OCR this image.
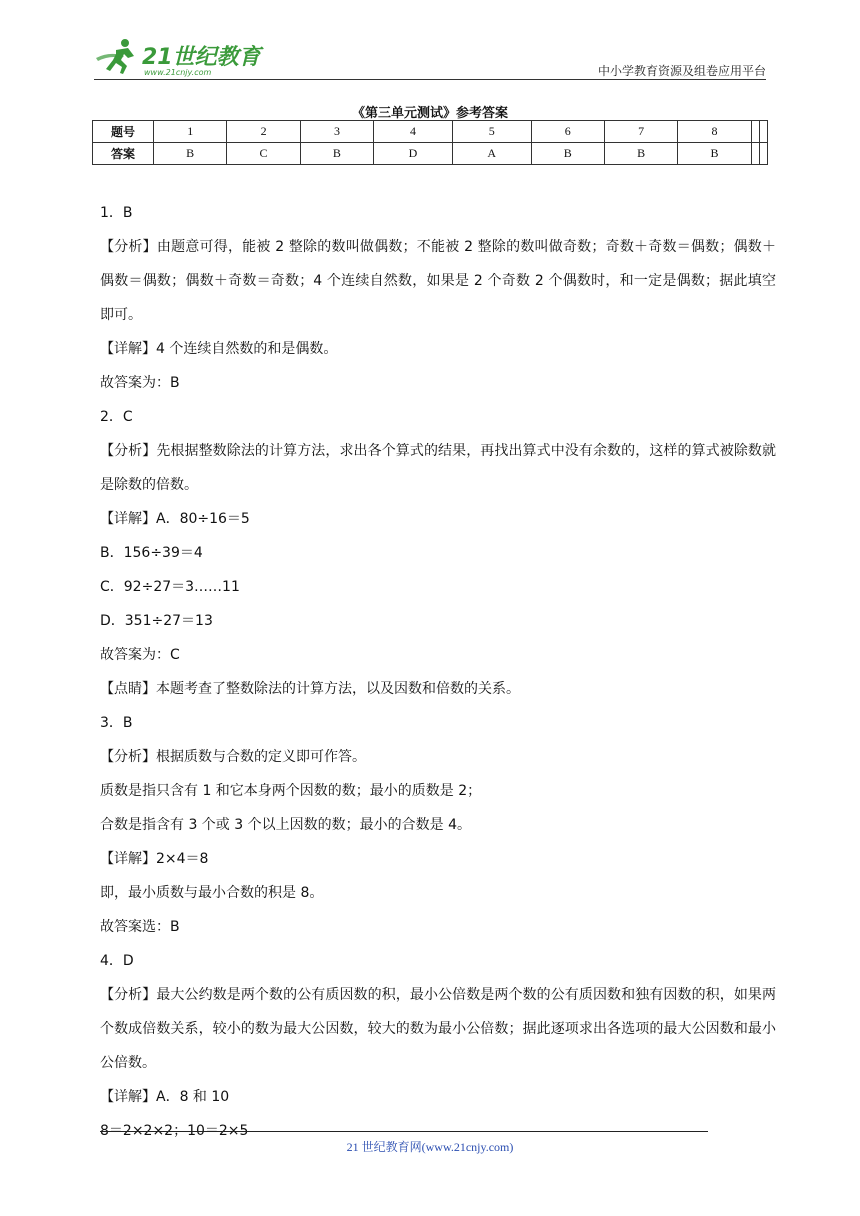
21世纪教育
www.21cnjy.com	中小学教育资源及组卷应用平台
《第三单元测试》参考答案
题号	1	2	3	4	5	6	7	8		
答案	B	C	B	D	A	B	B	B		

1．B

【分析】由题意可得，能被 2 整除的数叫做偶数；不能被 2 整除的数叫做奇数；奇数＋奇数＝偶数；偶数＋偶数＝偶数；偶数＋奇数＝奇数；4 个连续自然数，如果是 2 个奇数 2 个偶数时，和一定是偶数；据此填空即可。

【详解】4 个连续自然数的和是偶数。

故答案为：B

2．C

【分析】先根据整数除法的计算方法，求出各个算式的结果，再找出算式中没有余数的，这样的算式被除数就是除数的倍数。

【详解】A．80÷16＝5

B．156÷39＝4

C．92÷27＝3……11

D．351÷27＝13

故答案为：C

【点睛】本题考查了整数除法的计算方法，以及因数和倍数的关系。

3．B

【分析】根据质数与合数的定义即可作答。

质数是指只含有 1 和它本身两个因数的数；最小的质数是 2；

合数是指含有 3 个或 3 个以上因数的数；最小的合数是 4。

【详解】2×4＝8

即，最小质数与最小合数的积是 8。

故答案选：B

4．D

【分析】最大公约数是两个数的公有质因数的积，最小公倍数是两个数的公有质因数和独有因数的积，如果两个数成倍数关系，较小的数为最大公因数，较大的数为最小公倍数；据此逐项求出各选项的最大公因数和最小公倍数。

【详解】A．8 和 10

8＝2×2×2；10＝2×5

21 世纪教育网(www.21cnjy.com)
